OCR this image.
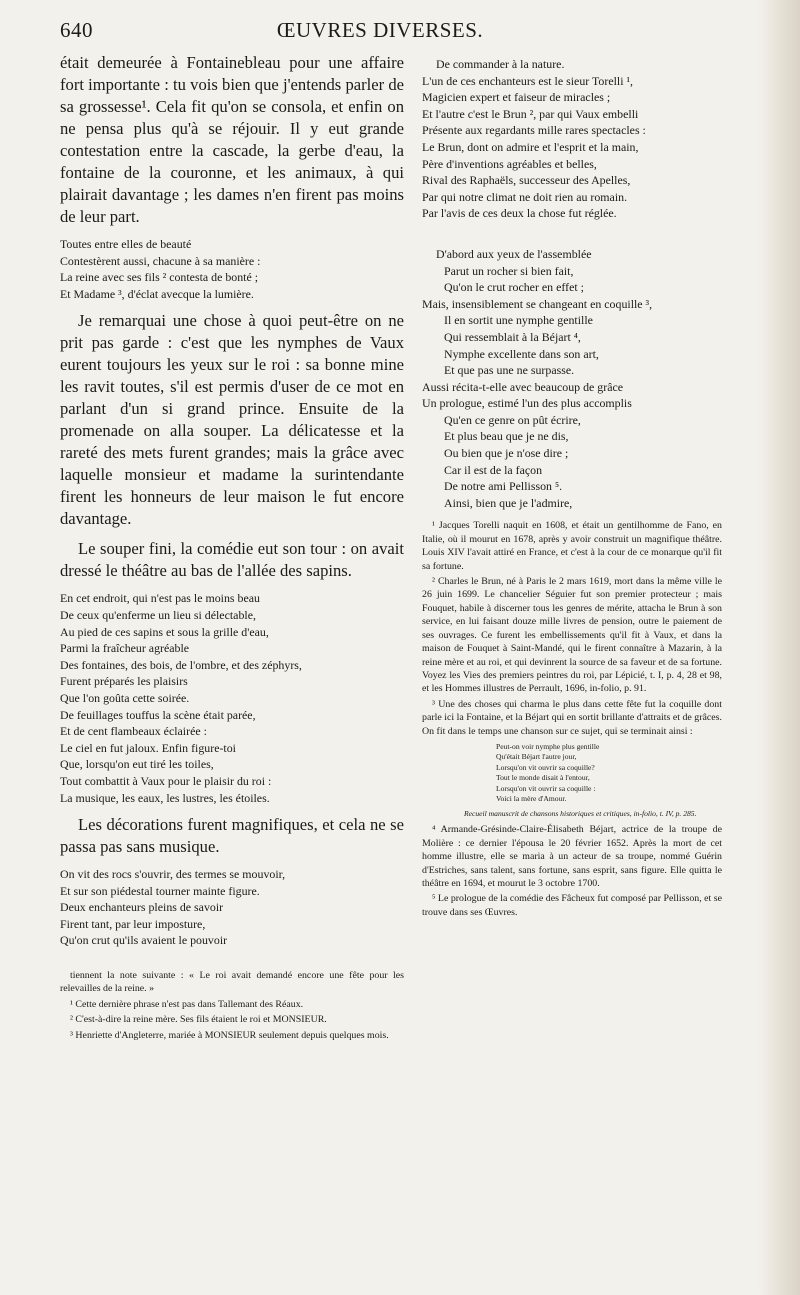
640	ŒUVRES DIVERSES.

était demeurée à Fontainebleau pour une affaire fort importante : tu vois bien que j'entends parler de sa grossesse¹. Cela fit qu'on se consola, et enfin on ne pensa plus qu'à se réjouir. Il y eut grande contestation entre la cascade, la gerbe d'eau, la fontaine de la couronne, et les animaux, à qui plairait davantage ; les dames n'en firent pas moins de leur part.

Toutes entre elles de beauté
Contestèrent aussi, chacune à sa manière :
La reine avec ses fils ² contesta de bonté ;
Et Madame ³, d'éclat avecque la lumière.

Je remarquai une chose à quoi peut-être on ne prit pas garde : c'est que les nymphes de Vaux eurent toujours les yeux sur le roi : sa bonne mine les ravit toutes, s'il est permis d'user de ce mot en parlant d'un si grand prince. Ensuite de la promenade on alla souper. La délicatesse et la rareté des mets furent grandes; mais la grâce avec laquelle monsieur et madame la surintendante firent les honneurs de leur maison le fut encore davantage.

Le souper fini, la comédie eut son tour : on avait dressé le théâtre au bas de l'allée des sapins.

En cet endroit, qui n'est pas le moins beau
De ceux qu'enferme un lieu si délectable,
Au pied de ces sapins et sous la grille d'eau,
Parmi la fraîcheur agréable
Des fontaines, des bois, de l'ombre, et des zéphyrs,
Furent préparés les plaisirs
Que l'on goûta cette soirée.
De feuillages touffus la scène était parée,
Et de cent flambeaux éclairée :
Le ciel en fut jaloux. Enfin figure-toi
Que, lorsqu'on eut tiré les toiles,
Tout combattit à Vaux pour le plaisir du roi :
La musique, les eaux, les lustres, les étoiles.

Les décorations furent magnifiques, et cela ne se passa pas sans musique.

On vit des rocs s'ouvrir, des termes se mouvoir,
Et sur son piédestal tourner mainte figure.
Deux enchanteurs pleins de savoir
Firent tant, par leur imposture,
Qu'on crut qu'ils avaient le pouvoir

tiennent la note suivante : « Le roi avait demandé encore une fête pour les relevailles de la reine. »

¹ Cette dernière phrase n'est pas dans Tallemant des Réaux.

² C'est-à-dire la reine mère. Ses fils étaient le roi et MONSIEUR.

³ Henriette d'Angleterre, mariée à MONSIEUR seulement depuis quelques mois.

De commander à la nature.
L'un de ces enchanteurs est le sieur Torelli ¹,
Magicien expert et faiseur de miracles ;
Et l'autre c'est le Brun ², par qui Vaux embelli
Présente aux regardants mille rares spectacles :
Le Brun, dont on admire et l'esprit et la main,
Père d'inventions agréables et belles,
Rival des Raphaëls, successeur des Apelles,
Par qui notre climat ne doit rien au romain.
Par l'avis de ces deux la chose fut réglée.
D'abord aux yeux de l'assemblée
Parut un rocher si bien fait,
Qu'on le crut rocher en effet ;
Mais, insensiblement se changeant en coquille ³,
Il en sortit une nymphe gentille
Qui ressemblait à la Béjart ⁴,
Nymphe excellente dans son art,
Et que pas une ne surpasse.
Aussi récita-t-elle avec beaucoup de grâce
Un prologue, estimé l'un des plus accomplis
Qu'en ce genre on pût écrire,
Et plus beau que je ne dis,
Ou bien que je n'ose dire ;
Car il est de la façon
De notre ami Pellisson ⁵.
Ainsi, bien que je l'admire,

¹ Jacques Torelli naquit en 1608, et était un gentilhomme de Fano, en Italie, où il mourut en 1678, après y avoir construit un magnifique théâtre. Louis XIV l'avait attiré en France, et c'est à la cour de ce monarque qu'il fit sa fortune.

² Charles le Brun, né à Paris le 2 mars 1619, mort dans la même ville le 26 juin 1699. Le chancelier Séguier fut son premier protecteur ; mais Fouquet, habile à discerner tous les genres de mérite, attacha le Brun à son service, en lui faisant douze mille livres de pension, outre le paiement de ses ouvrages. Ce furent les embellissements qu'il fit à Vaux, et dans la maison de Fouquet à Saint-Mandé, qui le firent connaître à Mazarin, à la reine mère et au roi, et qui devinrent la source de sa faveur et de sa fortune. Voyez les Vies des premiers peintres du roi, par Lépicié, t. I, p. 4, 28 et 98, et les Hommes illustres de Perrault, 1696, in-folio, p. 91.

³ Une des choses qui charma le plus dans cette fête fut la coquille dont parle ici la Fontaine, et la Béjart qui en sortit brillante d'attraits et de grâces. On fit dans le temps une chanson sur ce sujet, qui se terminait ainsi :

Peut-on voir nymphe plus gentille
Qu'était Béjart l'autre jour,
Lorsqu'on vit ouvrir sa coquille?
Tout le monde disait à l'entour,
Lorsqu'on vit ouvrir sa coquille :
Voici la mère d'Amour.
Recueil manuscrit de chansons historiques et critiques, in-folio, t. IV, p. 285.

⁴ Armande-Grésinde-Claire-Élisabeth Béjart, actrice de la troupe de Molière : ce dernier l'épousa le 20 février 1652. Après la mort de cet homme illustre, elle se maria à un acteur de sa troupe, nommé Guérin d'Estriches, sans talent, sans fortune, sans esprit, sans figure. Elle quitta le théâtre en 1694, et mourut le 3 octobre 1700.

⁵ Le prologue de la comédie des Fâcheux fut composé par Pellisson, et se trouve dans ses Œuvres.
